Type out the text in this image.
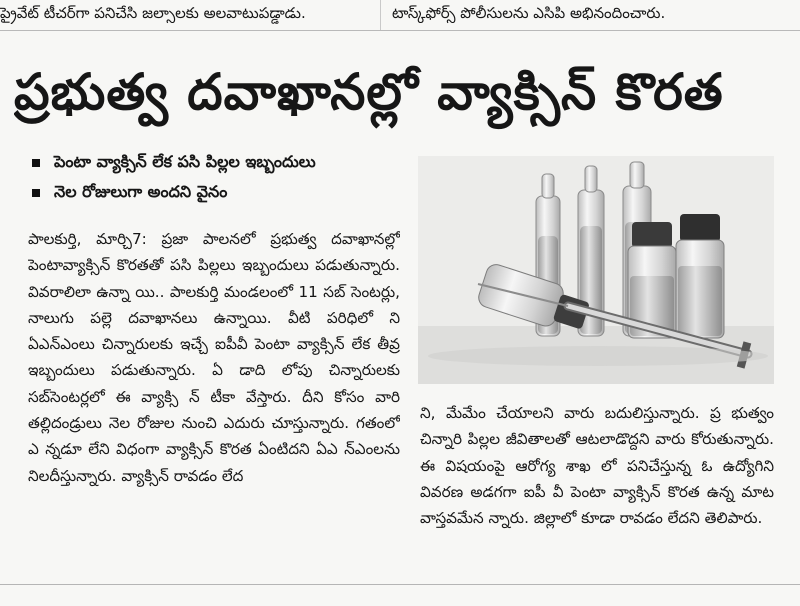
ప్రైవేట్ టీచర్‌గా పనిచేసి జల్సాలకు అలవాటుపడ్డాడు.	టాస్క్‌ఫోర్స్ పోలీసులను ఎసిపి అభినందించారు.
ప్రభుత్వ దవాఖానల్లో వ్యాక్సిన్ కొరత
పెంటా వ్యాక్సిన్ లేక పసి పిల్లల ఇబ్బందులు
నెల రోజులుగా అందని వైనం

పాలకుర్తి, మార్చి7: ప్రజా పాలనలో ప్రభుత్వ దవాఖానల్లో పెంటావ్యాక్సిన్ కొరతతో పసి పిల్లలు ఇబ్బందులు పడుతున్నారు. వివరాలిలా ఉన్నా యి.. పాలకుర్తి మండలంలో 11 సబ్ సెంటర్లు, నాలుగు పల్లె దవాఖానలు ఉన్నాయి. వీటి పరిధిలో ని ఏఎన్ఎంలు చిన్నారులకు ఇచ్చే ఐపీవీ పెంటా వ్యాక్సిన్ లేక తీవ్ర ఇబ్బందులు పడుతున్నారు. ఏ డాది లోపు చిన్నారులకు సబ్‌సెంటర్లలో ఈ వ్యాక్సి న్ టీకా వేస్తారు. దీని కోసం వారి తల్లిదండ్రులు నెల రోజుల నుంచి ఎదురు చూస్తున్నారు. గతంలో ఎ న్నడూ లేని విధంగా వ్యాక్సిన్ కొరత ఏంటిదని ఏఎ న్ఎంలను నిలదీస్తున్నారు. వ్యాక్సిన్ రావడం లేద

ని, మేమేం చేయాలని వారు బదులిస్తున్నారు. ప్ర భుత్వం చిన్నారి పిల్లల జీవితాలతో ఆటలాడొద్దని వారు కోరుతున్నారు. ఈ విషయంపై ఆరోగ్య శాఖ లో పనిచేస్తున్న ఓ ఉద్యోగిని వివరణ అడగగా ఐపీ వీ పెంటా వ్యాక్సిన్ కొరత ఉన్న మాట వాస్తవమేన న్నారు. జిల్లాలో కూడా రావడం లేదని తెలిపారు.
